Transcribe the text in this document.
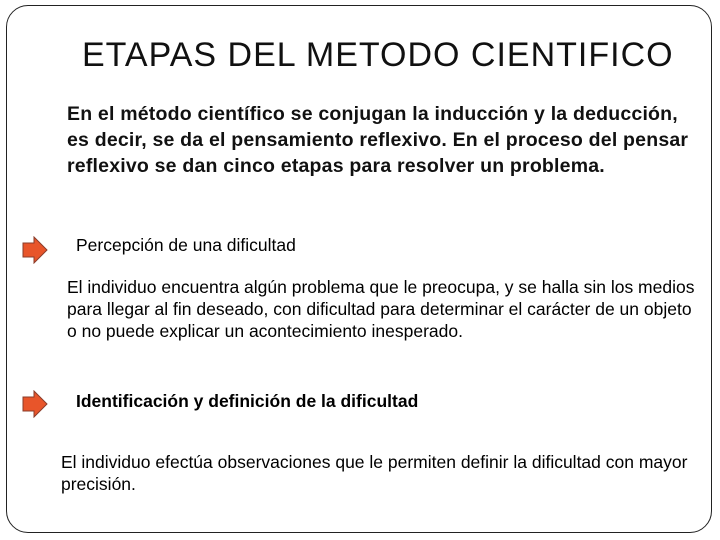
ETAPAS DEL METODO CIENTIFICO
En el método científico se conjugan la inducción y la deducción, es decir, se da el pensamiento reflexivo. En el proceso del pensar reflexivo se dan cinco etapas para resolver un problema.
Percepción de una dificultad
El individuo encuentra algún problema que le preocupa, y se halla sin los medios para llegar al fin deseado, con dificultad para determinar el carácter de un objeto o no puede explicar un acontecimiento inesperado.
Identificación y definición de la dificultad
El individuo efectúa observaciones que le permiten definir la dificultad con mayor precisión.
